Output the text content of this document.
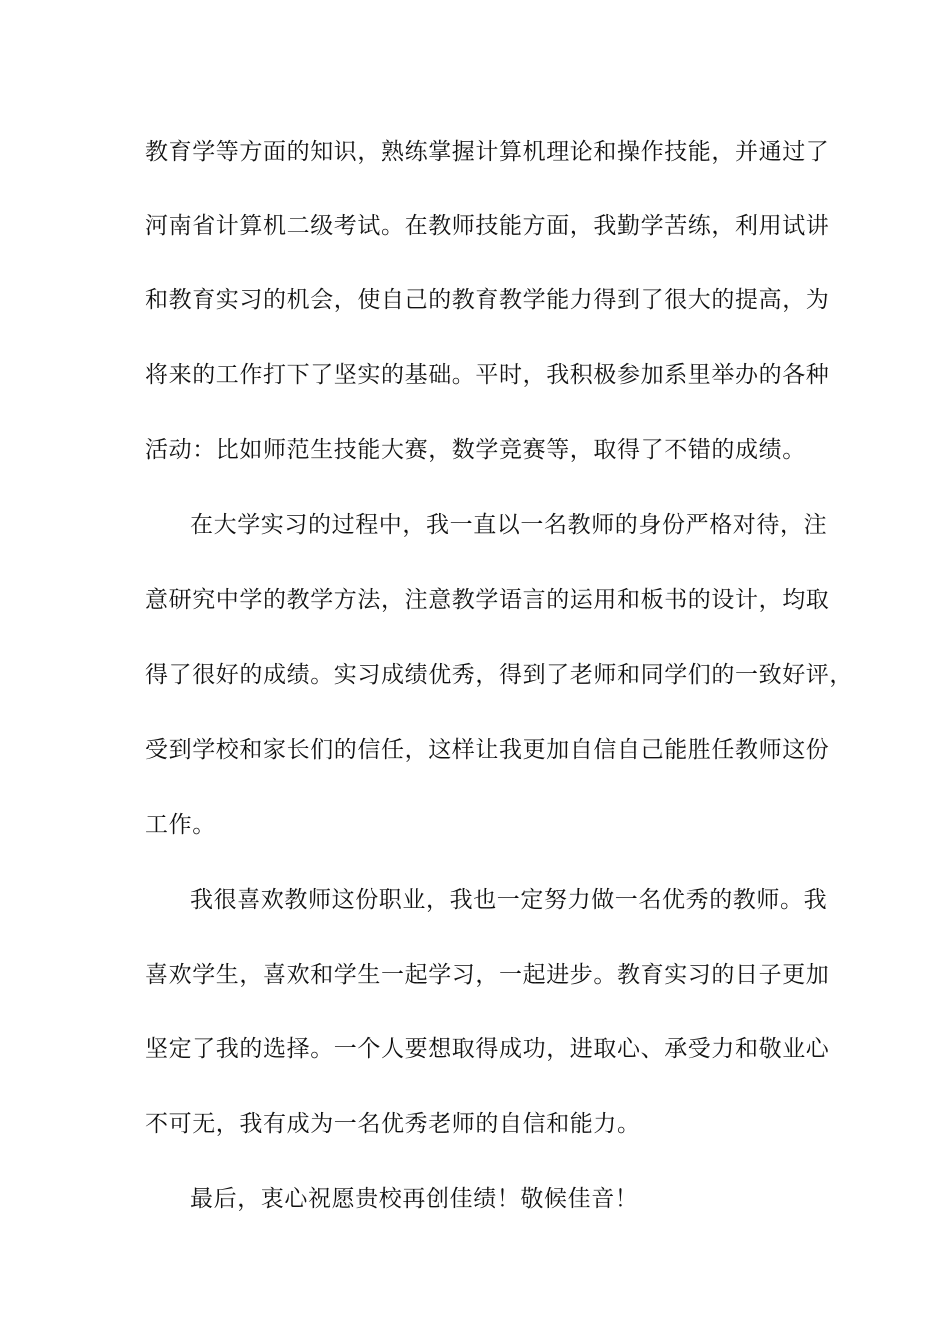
教育学等方面的知识，熟练掌握计算机理论和操作技能，并通过了
河南省计算机二级考试。在教师技能方面，我勤学苦练，利用试讲
和教育实习的机会，使自己的教育教学能力得到了很大的提高，为
将来的工作打下了坚实的基础。平时，我积极参加系里举办的各种
活动：比如师范生技能大赛，数学竞赛等，取得了不错的成绩。
在大学实习的过程中，我一直以一名教师的身份严格对待，注
意研究中学的教学方法，注意教学语言的运用和板书的设计，均取
得了很好的成绩。实习成绩优秀，得到了老师和同学们的一致好评，
受到学校和家长们的信任，这样让我更加自信自己能胜任教师这份
工作。
我很喜欢教师这份职业，我也一定努力做一名优秀的教师。我
喜欢学生，喜欢和学生一起学习，一起进步。教育实习的日子更加
坚定了我的选择。一个人要想取得成功，进取心、承受力和敬业心
不可无，我有成为一名优秀老师的自信和能力。
最后，衷心祝愿贵校再创佳绩！敬候佳音！
